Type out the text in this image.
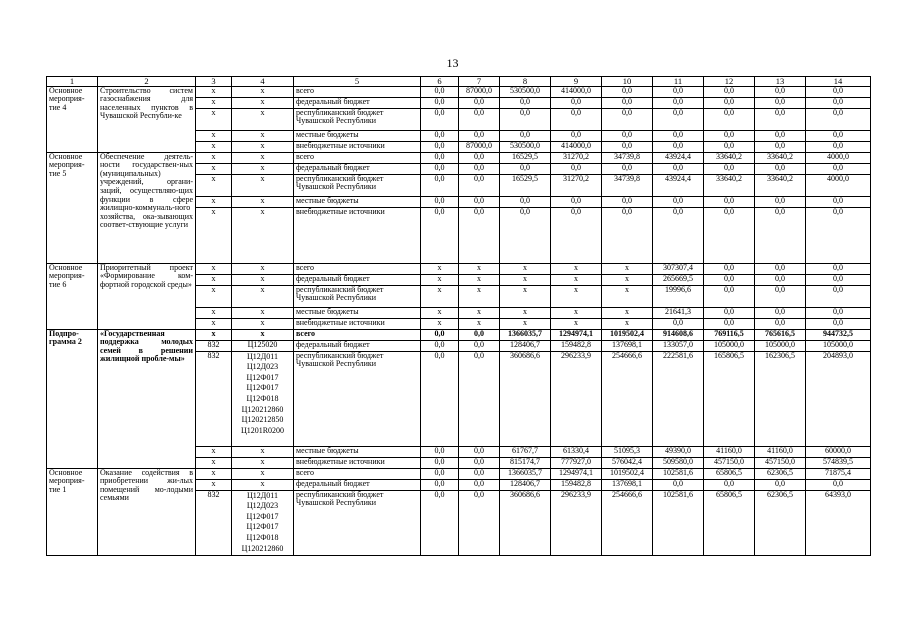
13
1	2	3	4	5	6	7	8	9	10	11	12	13	14
Основное мероприя-тие 4	Строительство систем газоснабжения для населенных пунктов в Чувашской Республи-ке	x	x	всего	0,0	87000,0	530500,0	414000,0	0,0	0,0	0,0	0,0	0,0
		x	x	федеральный бюджет	0,0	0,0	0,0	0,0	0,0	0,0	0,0	0,0	0,0
		x	x	республиканский бюджет Чувашской Республики	0,0	0,0	0,0	0,0	0,0	0,0	0,0	0,0	0,0
		x	x	местные бюджеты	0,0	0,0	0,0	0,0	0,0	0,0	0,0	0,0	0,0
		x	x	внебюджетные источники	0,0	87000,0	530500,0	414000,0	0,0	0,0	0,0	0,0	0,0
Основное мероприя-тие 5	Обеспечение деятель-ности государствен-ных (муниципальных) учреждений, органи-заций, осуществляю-щих функции в сфере жилищно-коммуналь-ного хозяйства, ока-зывающих соответ-ствующие услуги	x	x	всего	0,0	0,0	16529,5	31270,2	34739,8	43924,4	33640,2	33640,2	4000,0
		x	x	федеральный бюджет	0,0	0,0	0,0	0,0	0,0	0,0	0,0	0,0	0,0
		x	x	республиканский бюджет Чувашской Республики	0,0	0,0	16529,5	31270,2	34739,8	43924,4	33640,2	33640,2	4000,0
		x	x	местные бюджеты	0,0	0,0	0,0	0,0	0,0	0,0	0,0	0,0	0,0
		x	x	внебюджетные источники	0,0	0,0	0,0	0,0	0,0	0,0	0,0	0,0	0,0
Основное мероприя-тие 6	Приоритетный проект «Формирование ком-фортной городской среды»	x	x	всего	x	x	x	x	x	307307,4	0,0	0,0	0,0
		x	x	федеральный бюджет	x	x	x	x	x	265669,5	0,0	0,0	0,0
		x	x	республиканский бюджет Чувашской Республики	x	x	x	x	x	19996,6	0,0	0,0	0,0
		x	x	местные бюджеты	x	x	x	x	x	21641,3	0,0	0,0	0,0
		x	x	внебюджетные источники	x	x	x	x	x	0,0	0,0	0,0	0,0
Подпро-грамма 2	«Государственная поддержка молодых семей в решении жилищной пробле-мы»	x	x	всего	0,0	0,0	1366035,7	1294974,1	1019502,4	914608,6	769116,5	765616,5	944732,5
		832	Ц125020	федеральный бюджет	0,0	0,0	128406,7	159482,8	137698,1	133057,0	105000,0	105000,0	105000,0
		832	Ц12Д011 Ц12Д023 Ц12Ф017 Ц12Ф017 Ц12Ф018 Ц120212860 Ц120212850 Ц1201R0200	республиканский бюджет Чувашской Республики	0,0	0,0	360686,6	296233,9	254666,6	222581,6	165806,5	162306,5	204893,0
		x	x	местные бюджеты	0,0	0,0	61767,7	61330,4	51095,3	49390,0	41160,0	41160,0	60000,0
		x	x	внебюджетные источники	0,0	0,0	815174,7	777927,0	576042,4	509580,0	457150,0	457150,0	574839,5
Основное мероприя-тие 1	Оказание содействия в приобретении жи-лых помещений мо-лодыми семьями	x	x	всего	0,0	0,0	1366035,7	1294974,1	1019502,4	102581,6	65806,5	62306,5	71875,4
		x	x	федеральный бюджет	0,0	0,0	128406,7	159482,8	137698,1	0,0	0,0	0,0	0,0
		832	Ц12Д011 Ц12Д023 Ц12Ф017 Ц12Ф017 Ц12Ф018 Ц120212860	республиканский бюджет Чувашской Республики	0,0	0,0	360686,6	296233,9	254666,6	102581,6	65806,5	62306,5	64393,0
